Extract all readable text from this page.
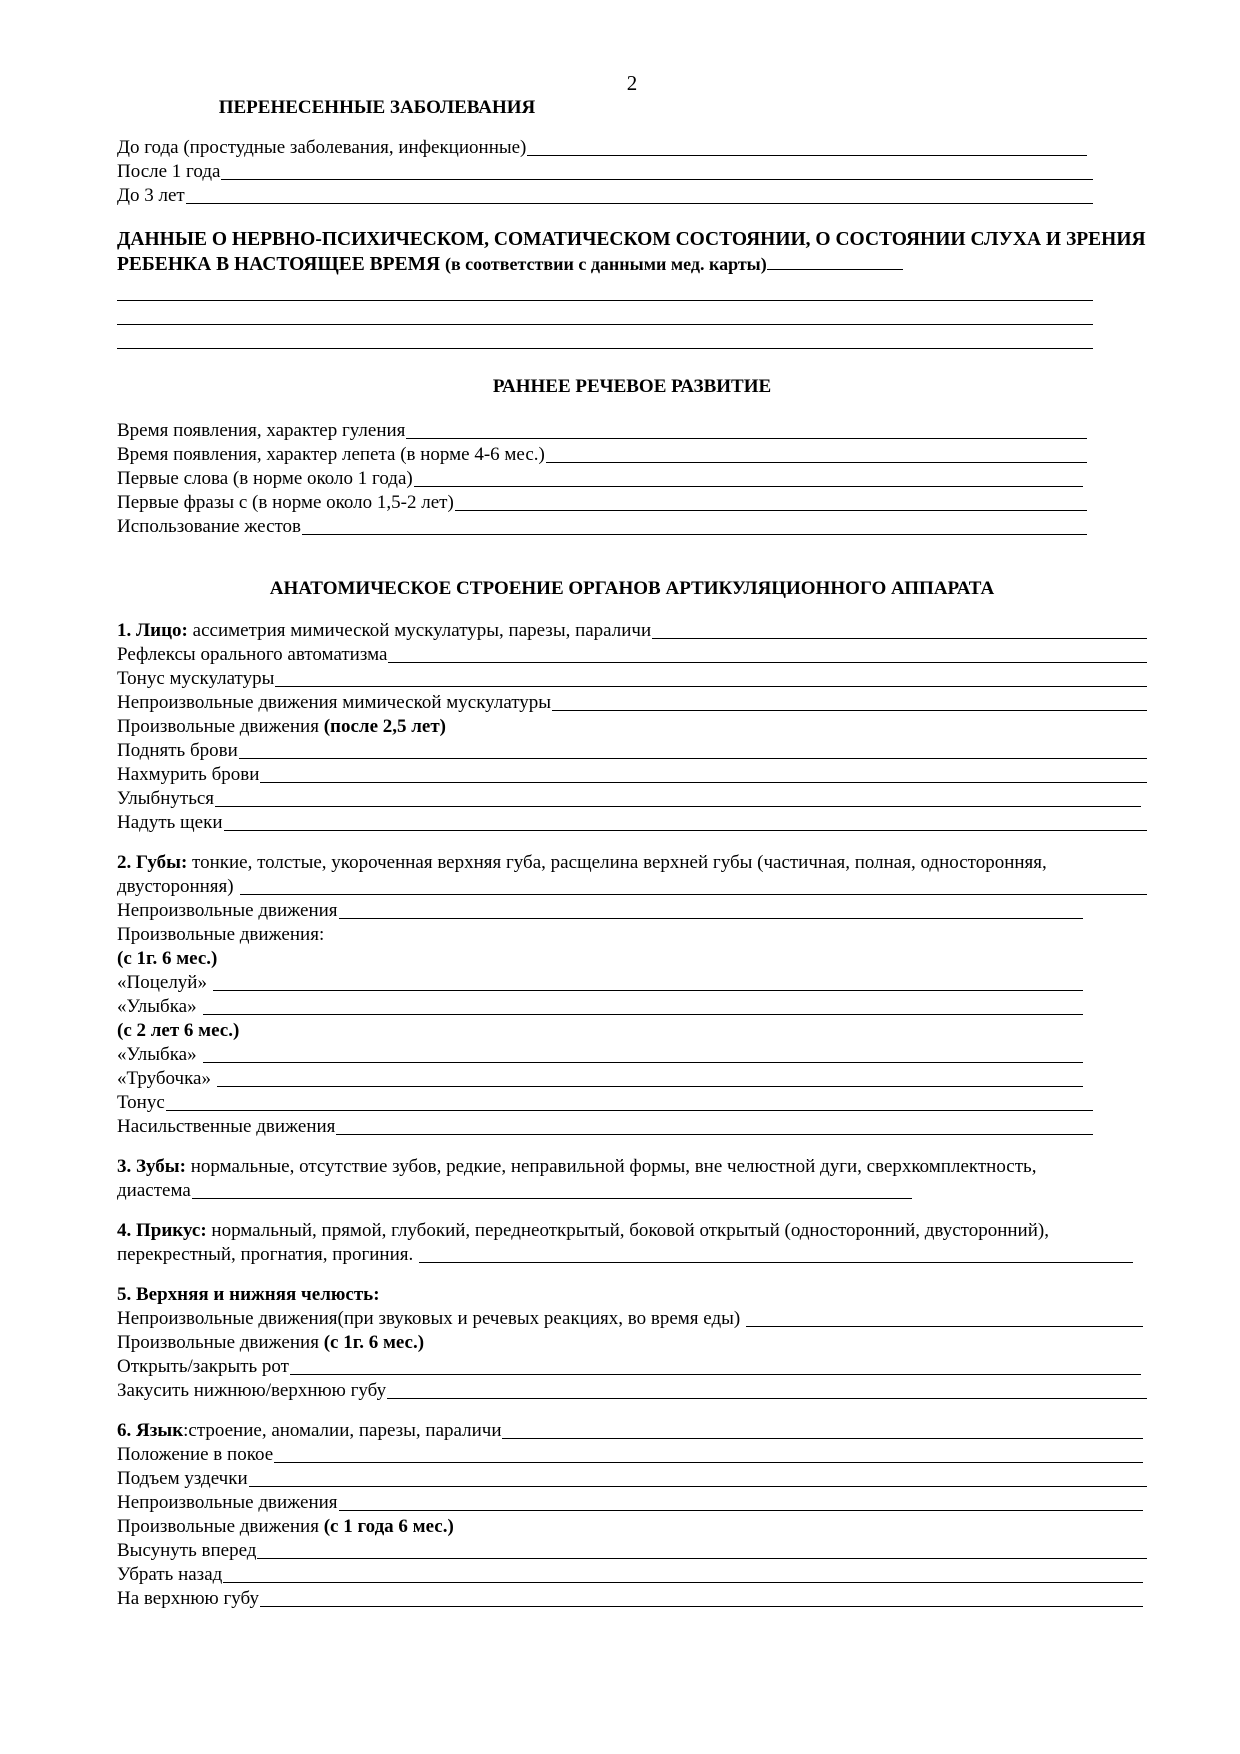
2
ПЕРЕНЕСЕННЫЕ ЗАБОЛЕВАНИЯ
До года (простудные заболевания, инфекционные)
После 1 года
До 3 лет
ДАННЫЕ О НЕРВНО-ПСИХИЧЕСКОМ, СОМАТИЧЕСКОМ СОСТОЯНИИ, О СОСТОЯНИИ СЛУХА И ЗРЕНИЯ РЕБЕНКА В НАСТОЯЩЕЕ ВРЕМЯ (в соответствии с данными мед. карты)
РАННЕЕ РЕЧЕВОЕ РАЗВИТИЕ
Время появления, характер гуления
Время появления, характер лепета (в норме 4-6 мес.)
Первые слова (в норме около 1 года)
Первые фразы с (в норме около 1,5-2 лет)
Использование жестов
АНАТОМИЧЕСКОЕ СТРОЕНИЕ ОРГАНОВ АРТИКУЛЯЦИОННОГО АППАРАТА
1. Лицо: ассиметрия мимической мускулатуры, парезы, параличи
Рефлексы орального автоматизма
Тонус мускулатуры
Непроизвольные движения мимической мускулатуры
Произвольные движения (после 2,5 лет)
Поднять брови
Нахмурить брови
Улыбнуться
Надуть щеки
2. Губы: тонкие, толстые, укороченная верхняя губа, расщелина верхней губы (частичная, полная, односторонняя,
двусторонняя)
Непроизвольные движения
Произвольные движения:
(с 1г. 6 мес.)
«Поцелуй»
«Улыбка»
(с 2 лет 6 мес.)
«Улыбка»
«Трубочка»
Тонус
Насильственные движения
3. Зубы: нормальные, отсутствие зубов, редкие, неправильной формы, вне челюстной дуги, сверхкомплектность,
диастема
4. Прикус: нормальный, прямой, глубокий, переднеоткрытый, боковой открытый (односторонний, двусторонний),
перекрестный, прогнатия, прогиния.
5. Верхняя и нижняя челюсть:
Непроизвольные движения(при звуковых и речевых реакциях, во время еды)
Произвольные движения (с 1г. 6 мес.)
Открыть/закрыть рот
Закусить нижнюю/верхнюю губу
6. Язык :строение, аномалии, парезы, параличи
Положение в покое
Подъем уздечки
Непроизвольные движения
Произвольные движения (с 1 года 6 мес.)
Высунуть вперед
Убрать назад
На верхнюю губу
